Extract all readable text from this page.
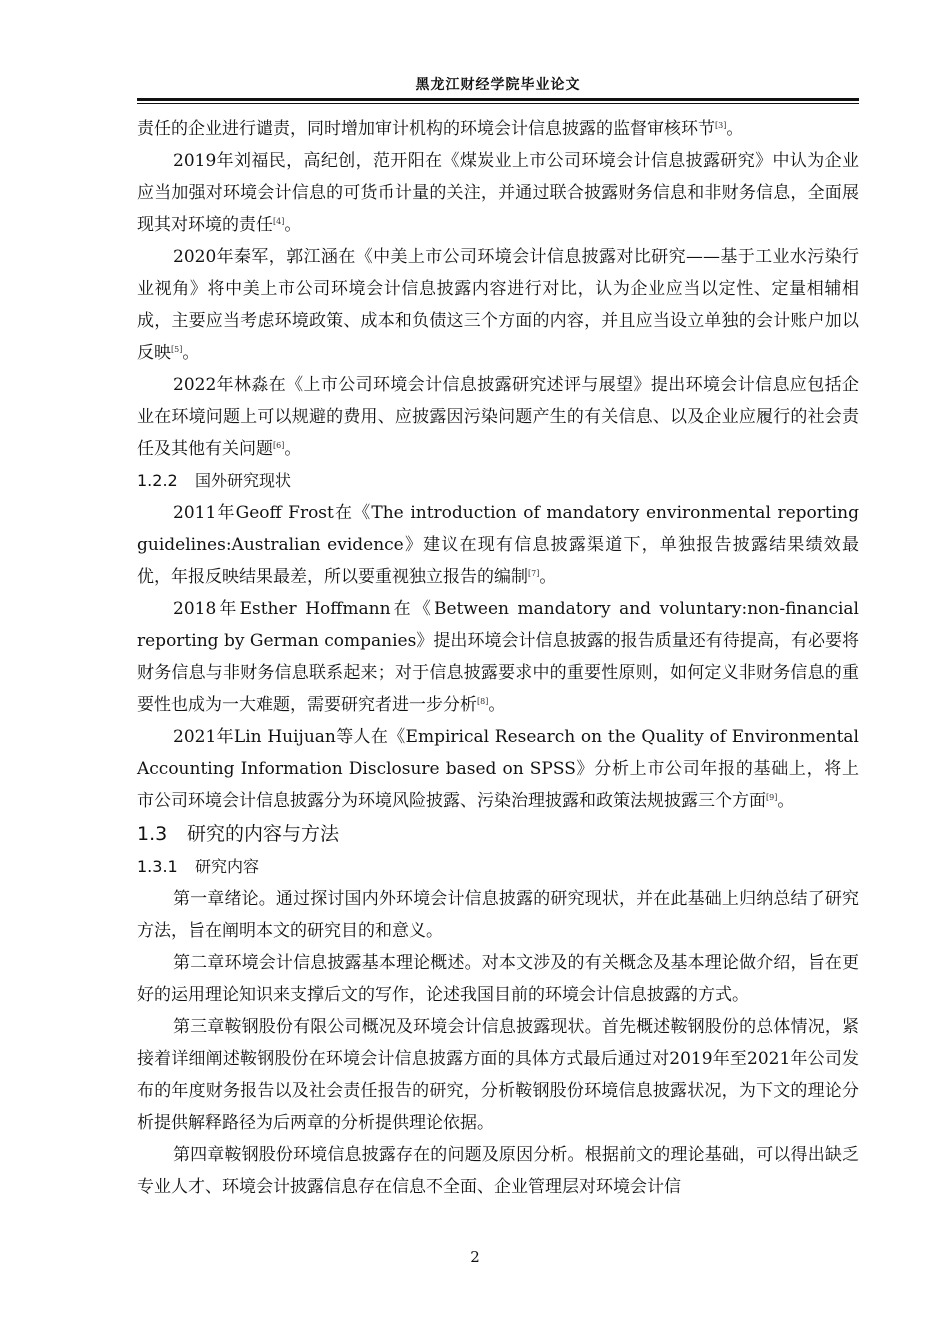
黑龙江财经学院毕业论文

责任的企业进行谴责，同时增加审计机构的环境会计信息披露的监督审核环节[3]。

2019年刘福民，高纪创，范开阳在《煤炭业上市公司环境会计信息披露研究》中认为企业应当加强对环境会计信息的可货币计量的关注，并通过联合披露财务信息和非财务信息，全面展现其对环境的责任[4]。

2020年秦军，郭江涵在《中美上市公司环境会计信息披露对比研究——基于工业水污染行业视角》将中美上市公司环境会计信息披露内容进行对比，认为企业应当以定性、定量相辅相成，主要应当考虑环境政策、成本和负债这三个方面的内容，并且应当设立单独的会计账户加以反映[5]。

2022年林淼在《上市公司环境会计信息披露研究述评与展望》提出环境会计信息应包括企业在环境问题上可以规避的费用、应披露因污染问题产生的有关信息、以及企业应履行的社会责任及其他有关问题[6]。

1.2.2 国外研究现状

2011年Geoff Frost在《The introduction of mandatory environmental reporting guidelines:Australian evidence》建议在现有信息披露渠道下，单独报告披露结果绩效最优，年报反映结果最差，所以要重视独立报告的编制[7]。

2018年Esther Hoffmann在《Between mandatory and voluntary:non-financial reporting by German companies》提出环境会计信息披露的报告质量还有待提高，有必要将财务信息与非财务信息联系起来；对于信息披露要求中的重要性原则，如何定义非财务信息的重要性也成为一大难题，需要研究者进一步分析[8]。

2021年Lin Huijuan等人在《Empirical Research on the Quality of Environmental Accounting Information Disclosure based on SPSS》分析上市公司年报的基础上，将上市公司环境会计信息披露分为环境风险披露、污染治理披露和政策法规披露三个方面[9]。

1.3 研究的内容与方法

1.3.1 研究内容

第一章绪论。通过探讨国内外环境会计信息披露的研究现状，并在此基础上归纳总结了研究方法，旨在阐明本文的研究目的和意义。

第二章环境会计信息披露基本理论概述。对本文涉及的有关概念及基本理论做介绍，旨在更好的运用理论知识来支撑后文的写作，论述我国目前的环境会计信息披露的方式。

第三章鞍钢股份有限公司概况及环境会计信息披露现状。首先概述鞍钢股份的总体情况，紧接着详细阐述鞍钢股份在环境会计信息披露方面的具体方式最后通过对2019年至2021年公司发布的年度财务报告以及社会责任报告的研究，分析鞍钢股份环境信息披露状况，为下文的理论分析提供解释路径为后两章的分析提供理论依据。

第四章鞍钢股份环境信息披露存在的问题及原因分析。根据前文的理论基础，可以得出缺乏专业人才、环境会计披露信息存在信息不全面、企业管理层对环境会计信

2
